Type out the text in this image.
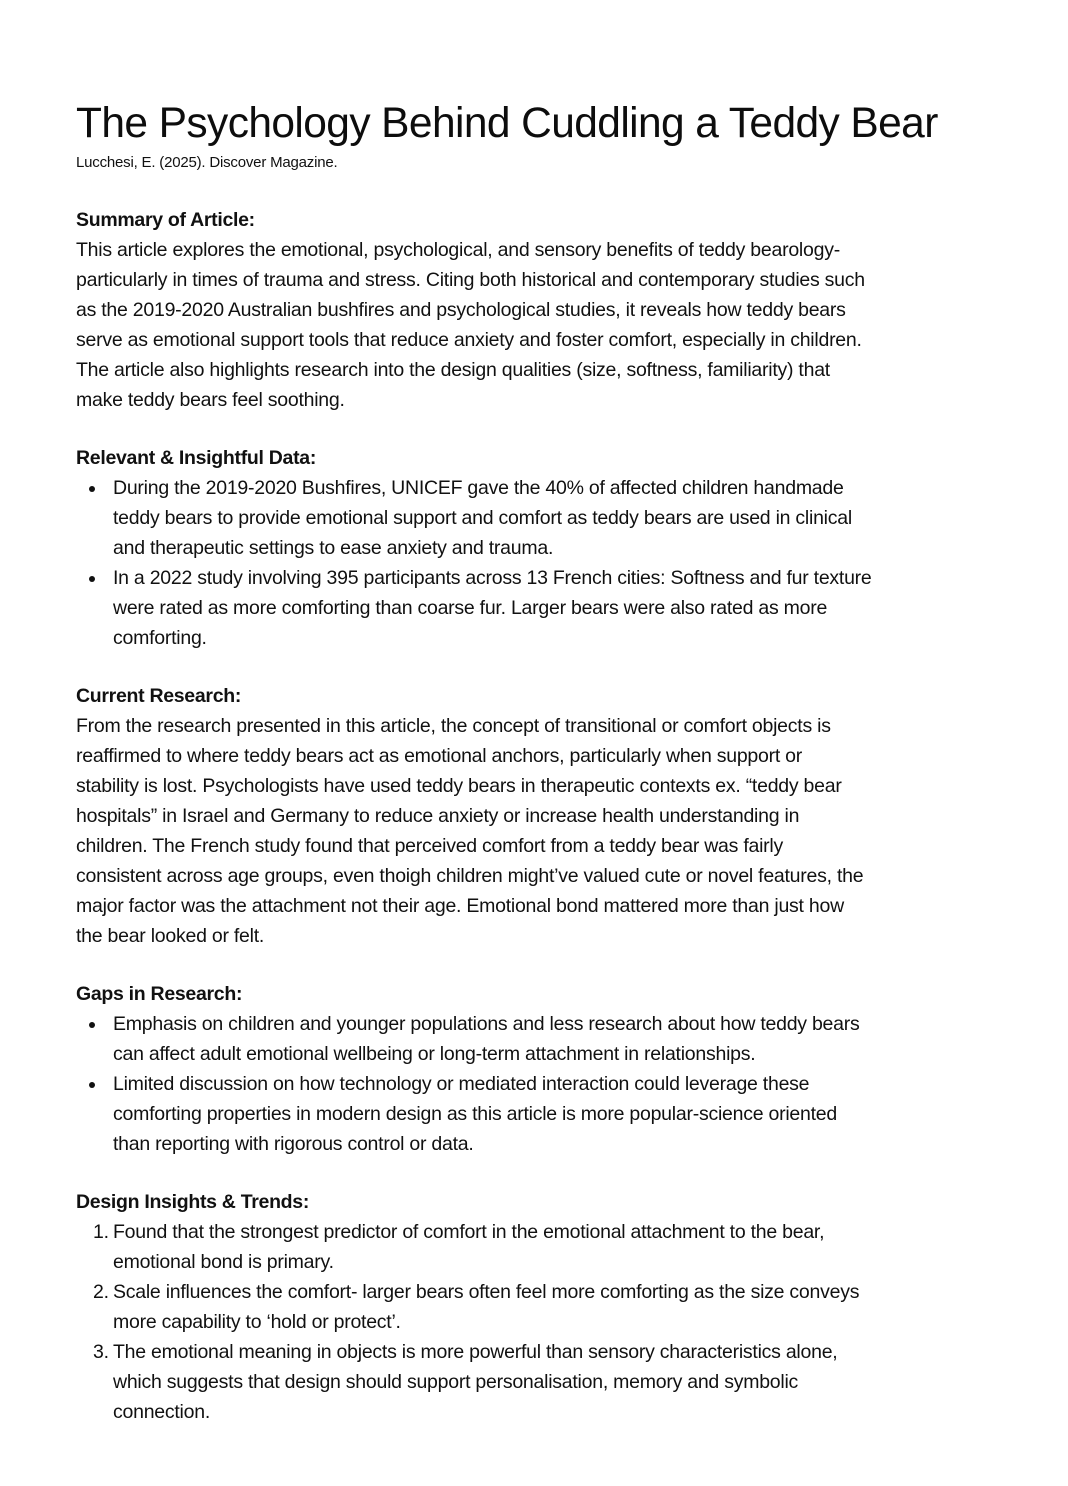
The Psychology Behind Cuddling a Teddy Bear

Lucchesi, E. (2025). Discover Magazine.

Summary of Article:

This article explores the emotional, psychological, and sensory benefits of teddy bearology-
particularly in times of trauma and stress. Citing both historical and contemporary studies such
as the 2019-2020 Australian bushfires and psychological studies, it reveals how teddy bears
serve as emotional support tools that reduce anxiety and foster comfort, especially in children.
The article also highlights research into the design qualities (size, softness, familiarity) that
make teddy bears feel soothing.

Relevant & Insightful Data:
During the 2019-2020 Bushfires, UNICEF gave the 40% of affected children handmade
teddy bears to provide emotional support and comfort as teddy bears are used in clinical
and therapeutic settings to ease anxiety and trauma.
In a 2022 study involving 395 participants across 13 French cities: Softness and fur texture
were rated as more comforting than coarse fur. Larger bears were also rated as more
comforting.
Current Research:

From the research presented in this article, the concept of transitional or comfort objects is
reaffirmed to where teddy bears act as emotional anchors, particularly when support or
stability is lost. Psychologists have used teddy bears in therapeutic contexts ex. “teddy bear
hospitals” in Israel and Germany to reduce anxiety or increase health understanding in
children. The French study found that perceived comfort from a teddy bear was fairly
consistent across age groups, even thoigh children might’ve valued cute or novel features, the
major factor was the attachment not their age. Emotional bond mattered more than just how
the bear looked or felt.

Gaps in Research:
Emphasis on children and younger populations and less research about how teddy bears
can affect adult emotional wellbeing or long-term attachment in relationships.
Limited discussion on how technology or mediated interaction could leverage these
comforting properties in modern design as this article is more popular-science oriented
than reporting with rigorous control or data.
Design Insights & Trends:
1. Found that the strongest predictor of comfort in the emotional attachment to the bear,
emotional bond is primary.
2. Scale influences the comfort- larger bears often feel more comforting as the size conveys
more capability to ‘hold or protect’.
3. The emotional meaning in objects is more powerful than sensory characteristics alone,
which suggests that design should support personalisation, memory and symbolic
connection.
